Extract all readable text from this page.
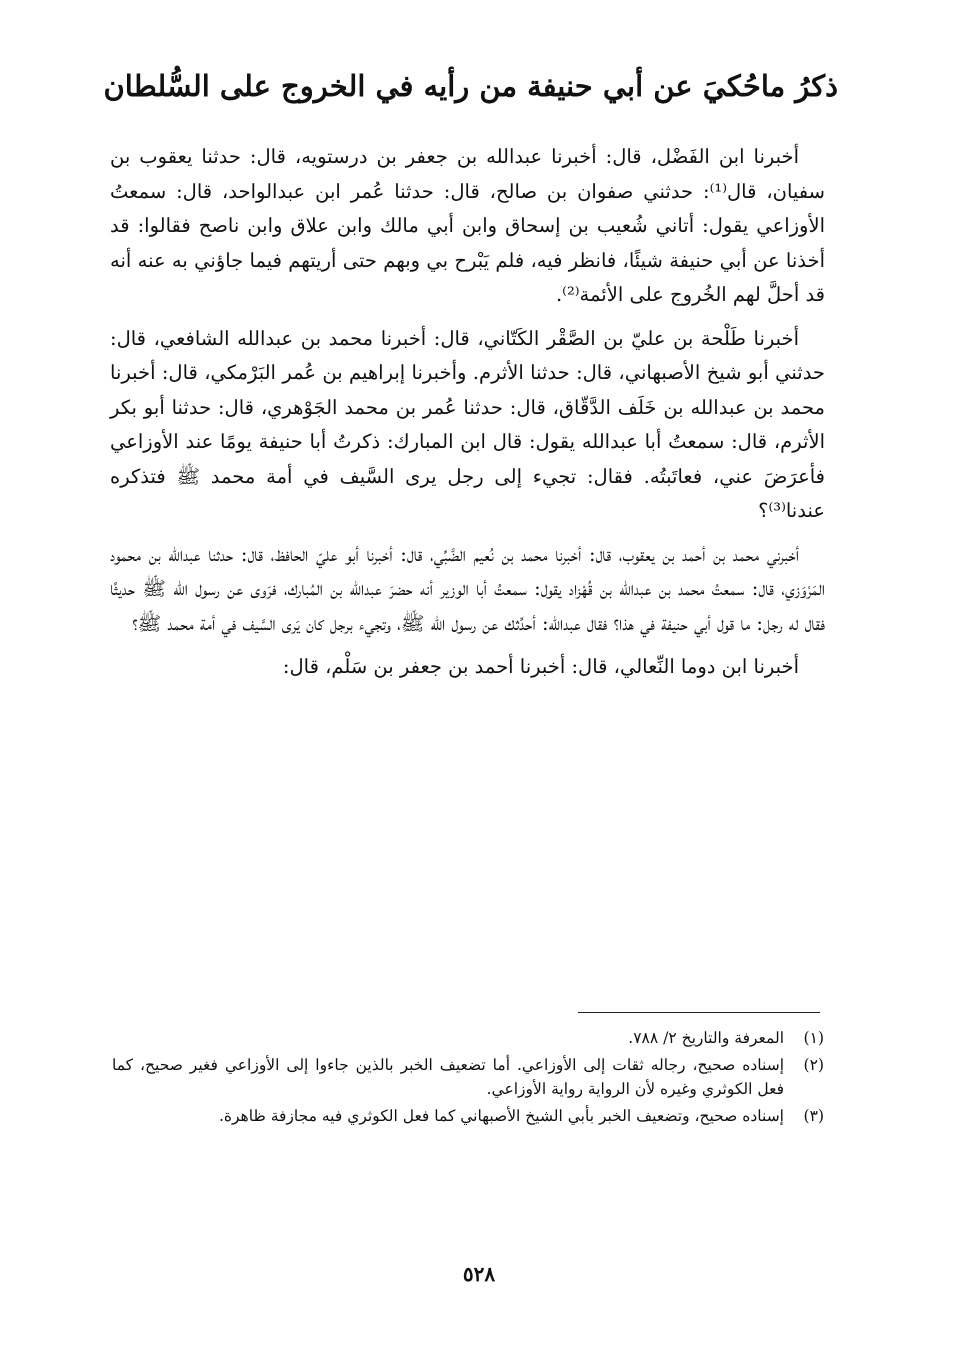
ذكرُ ماحُكيَ عن أبي حنيفة من رأيه في الخروج على السُّلطان

أخبرنا ابن الفَضْل، قال: أخبرنا عبدالله بن جعفر بن درستويه، قال: حدثنا يعقوب بن سفيان، قال⁽¹⁾: حدثني صفوان بن صالح، قال: حدثنا عُمر ابن عبدالواحد، قال: سمعتُ الأوزاعي يقول: أتاني شُعيب بن إسحاق وابن أبي مالك وابن علاق وابن ناصح فقالوا: قد أخذنا عن أبي حنيفة شيئًا، فانظر فيه، فلم يَبْرح بي وبهم حتى أريتهم فيما جاؤني به عنه أنه قد أحلَّ لهم الخُروج على الأئمة⁽²⁾.

أخبرنا طَلْحة بن عليّ بن الصَّقْر الكَتّاني، قال: أخبرنا محمد بن عبدالله الشافعي، قال: حدثني أبو شيخ الأصبهاني، قال: حدثنا الأثرم. وأخبرنا إبراهيم بن عُمر البَرْمكي، قال: أخبرنا محمد بن عبدالله بن خَلَف الدَّقّاق، قال: حدثنا عُمر بن محمد الجَوْهري، قال: حدثنا أبو بكر الأثرم، قال: سمعتُ أبا عبدالله يقول: قال ابن المبارك: ذكرتُ أبا حنيفة يومًا عند الأوزاعي فأعرَضَ عني، فعاتَبتُه. فقال: تجيء إلى رجل يرى السَّيف في أمة محمد ﷺ فتذكره عندنا⁽³⁾؟

أخبرني محمد بن أحمد بن يعقوب، قال: أخبرنا محمد بن نُعيم الضَّبِّي، قال: أخبرنا أبو عليّ الحافظ، قال: حدثنا عبدالله بن محمود المَرْوَزي، قال: سمعتُ محمد بن عبدالله بن قُهْزاد يقول: سمعتُ أبا الوزير أنه حضرَ عبدالله بن المُبارك، فرَوى عن رسول الله ﷺ حديثًا فقال له رجل: ما قول أبي حنيفة في هذا؟ فقال عبدالله: أحدِّثك عن رسول الله ﷺ، وتجيء برجل كان يَرى السَّيف في أمة محمد ﷺ؟

أخبرنا ابن دوما النِّعالي، قال: أخبرنا أحمد بن جعفر بن سَلْم، قال:

(١)
المعرفة والتاريخ ٢/ ٧٨٨.
(٢)
إسناده صحيح، رجاله ثقات إلى الأوزاعي. أما تضعيف الخبر بالذين جاءوا إلى الأوزاعي فغير صحيح، كما فعل الكوثري وغيره لأن الرواية رواية الأوزاعي.
(٣)
إسناده صحيح، وتضعيف الخبر بأبي الشيخ الأصبهاني كما فعل الكوثري فيه مجازفة ظاهرة.
٥٢٨
